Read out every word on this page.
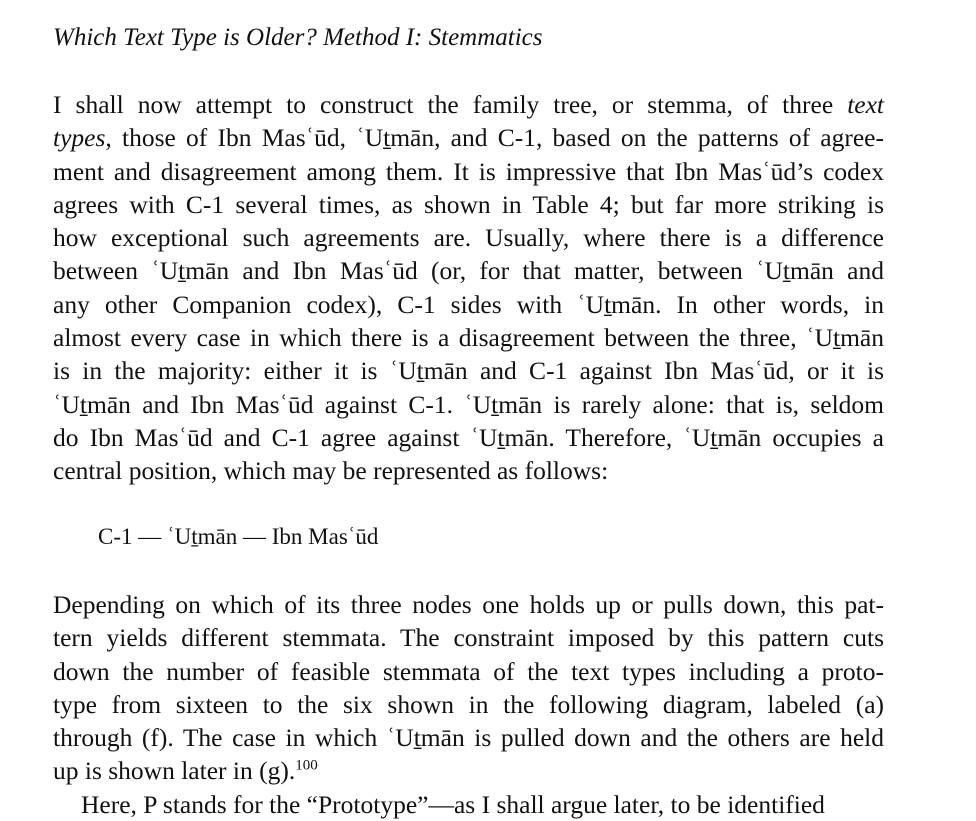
Which Text Type is Older? Method I: Stemmatics
I shall now attempt to construct the family tree, or stemma, of three text
types, those of Ibn Masʿūd, ʿUṯmān, and C-1, based on the patterns of agree-
ment and disagreement among them. It is impressive that Ibn Masʿūd’s codex
agrees with C-1 several times, as shown in Table 4; but far more striking is
how exceptional such agreements are. Usually, where there is a difference
between ʿUṯmān and Ibn Masʿūd (or, for that matter, between ʿUṯmān and
any other Companion codex), C-1 sides with ʿUṯmān. In other words, in
almost every case in which there is a disagreement between the three, ʿUṯmān
is in the majority: either it is ʿUṯmān and C-1 against Ibn Masʿūd, or it is
ʿUṯmān and Ibn Masʿūd against C-1. ʿUṯmān is rarely alone: that is, seldom
do Ibn Masʿūd and C-1 agree against ʿUṯmān. Therefore, ʿUṯmān occupies a
central position, which may be represented as follows:

C-1 — ʿUṯmān — Ibn Masʿūd

Depending on which of its three nodes one holds up or pulls down, this pat-
tern yields different stemmata. The constraint imposed by this pattern cuts
down the number of feasible stemmata of the text types including a proto-
type from sixteen to the six shown in the following diagram, labeled (a)
through (f). The case in which ʿUṯmān is pulled down and the others are held
up is shown later in (g).$^{100}$
Here, P stands for the “Prototype”—as I shall argue later, to be identified
